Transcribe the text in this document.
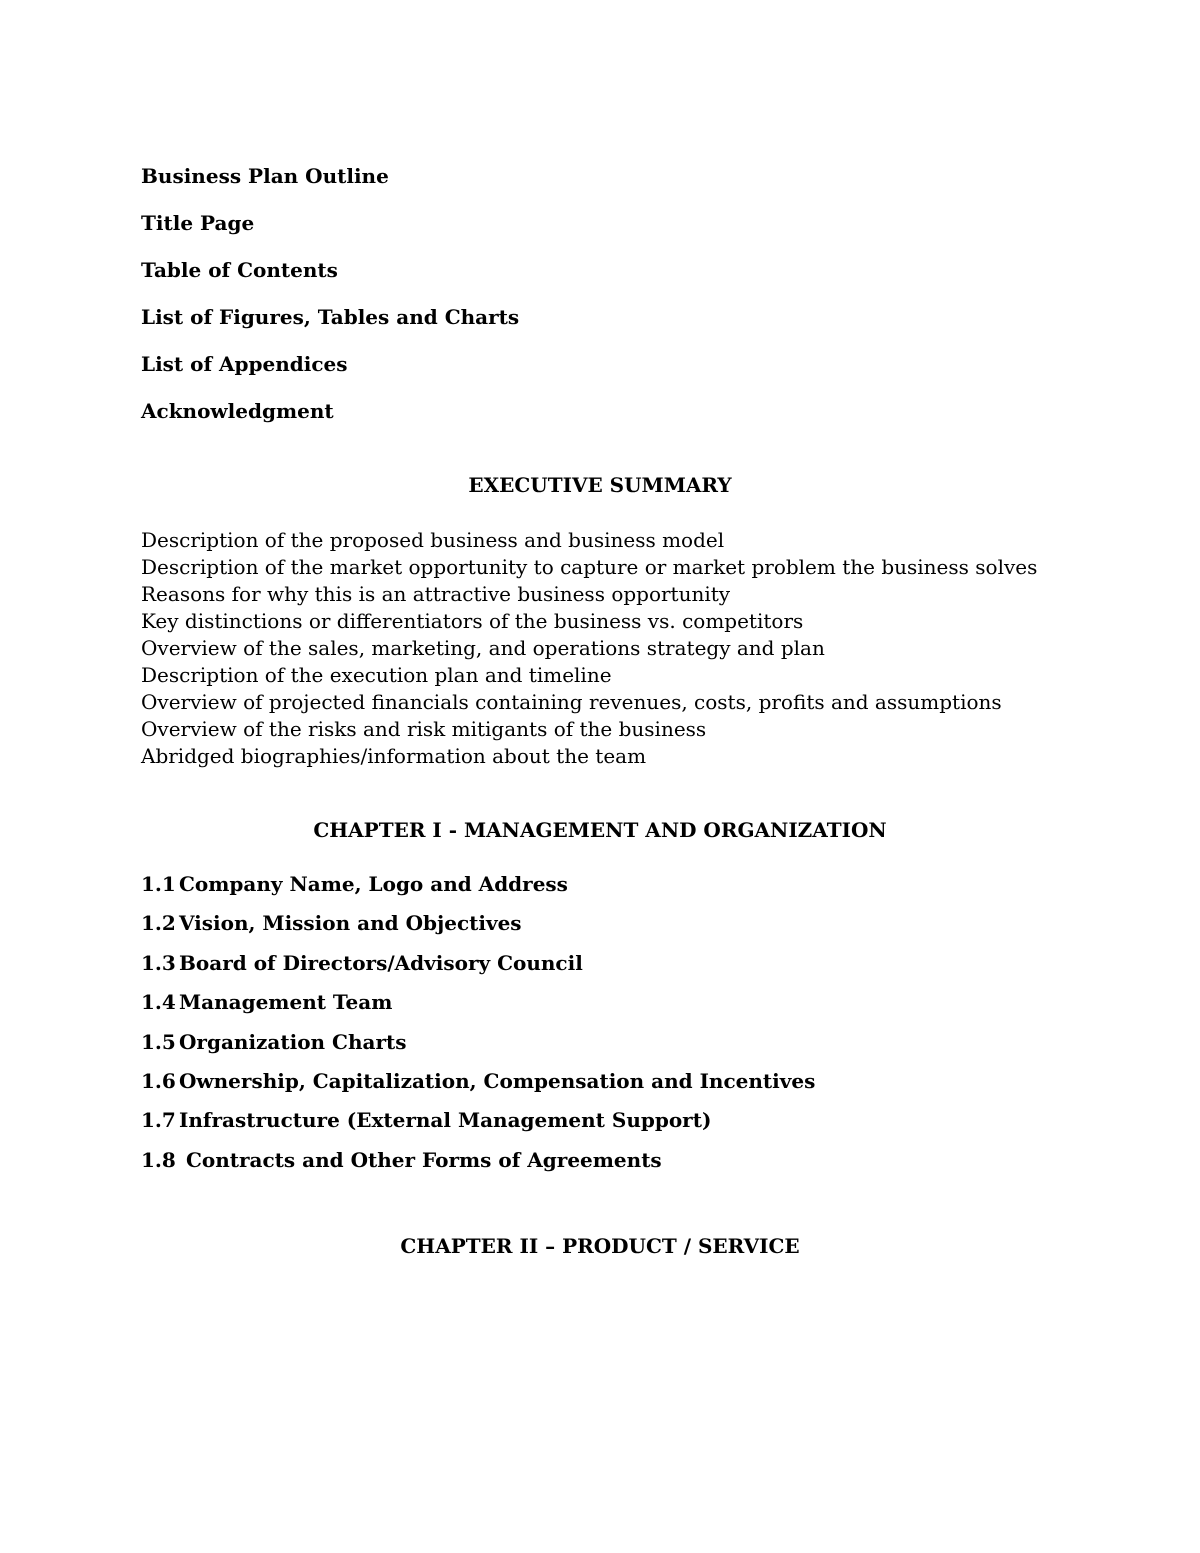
Business Plan Outline
Title Page
Table of Contents
List of Figures, Tables and Charts
List of Appendices
Acknowledgment
EXECUTIVE SUMMARY
Description of the proposed business and business model
Description of the market opportunity to capture or market problem the business solves
Reasons for why this is an attractive business opportunity
Key distinctions or differentiators of the business vs. competitors
Overview of the sales, marketing, and operations strategy and plan
Description of the execution plan and timeline
Overview of projected financials containing revenues, costs, profits and assumptions
Overview of the risks and risk mitigants of the business
Abridged biographies/information about the team
CHAPTER I - MANAGEMENT AND ORGANIZATION
1.1 Company Name, Logo and Address
1.2 Vision, Mission and Objectives
1.3 Board of Directors/Advisory Council
1.4 Management Team
1.5 Organization Charts
1.6 Ownership, Capitalization, Compensation and Incentives
1.7 Infrastructure (External Management Support)
1.8 Contracts and Other Forms of Agreements
CHAPTER II – PRODUCT / SERVICE
